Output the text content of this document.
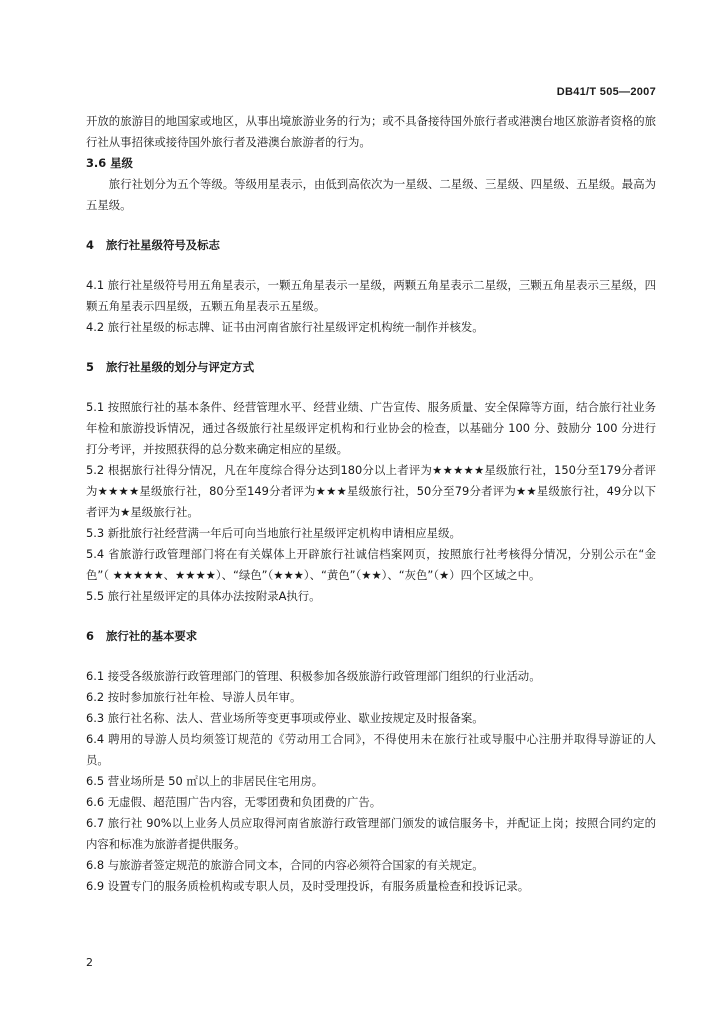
DB41/T 505—2007

开放的旅游目的地国家或地区，从事出境旅游业务的行为；或不具备接待国外旅行者或港澳台地区旅游者资格的旅行社从事招徕或接待国外旅行者及港澳台旅游者的行为。

3.6 星级

旅行社划分为五个等级。等级用星表示，由低到高依次为一星级、二星级、三星级、四星级、五星级。最高为五星级。

4 旅行社星级符号及标志

4.1 旅行社星级符号用五角星表示，一颗五角星表示一星级，两颗五角星表示二星级，三颗五角星表示三星级，四颗五角星表示四星级，五颗五角星表示五星级。

4.2 旅行社星级的标志牌、证书由河南省旅行社星级评定机构统一制作并核发。

5 旅行社星级的划分与评定方式

5.1 按照旅行社的基本条件、经营管理水平、经营业绩、广告宣传、服务质量、安全保障等方面，结合旅行社业务年检和旅游投诉情况，通过各级旅行社星级评定机构和行业协会的检查，以基础分 100 分、鼓励分 100 分进行打分考评，并按照获得的总分数来确定相应的星级。

5.2 根据旅行社得分情况，凡在年度综合得分达到180分以上者评为★★★★★星级旅行社，150分至179分者评为★★★★星级旅行社，80分至149分者评为★★★星级旅行社，50分至79分者评为★★星级旅行社，49分以下者评为★星级旅行社。

5.3 新批旅行社经营满一年后可向当地旅行社星级评定机构申请相应星级。

5.4 省旅游行政管理部门将在有关媒体上开辟旅行社诚信档案网页，按照旅行社考核得分情况，分别公示在“金色”（ ★★★★★、★★★★）、“绿色”（★★★）、“黄色”（★★）、“灰色”（★）四个区域之中。

5.5 旅行社星级评定的具体办法按附录A执行。

6 旅行社的基本要求

6.1 接受各级旅游行政管理部门的管理、积极参加各级旅游行政管理部门组织的行业活动。

6.2 按时参加旅行社年检、导游人员年审。

6.3 旅行社名称、法人、营业场所等变更事项或停业、歇业按规定及时报备案。

6.4 聘用的导游人员均须签订规范的《劳动用工合同》，不得使用未在旅行社或导服中心注册并取得导游证的人员。

6.5 营业场所是 50 ㎡以上的非居民住宅用房。

6.6 无虚假、超范围广告内容，无零团费和负团费的广告。

6.7 旅行社 90%以上业务人员应取得河南省旅游行政管理部门颁发的诚信服务卡，并配证上岗；按照合同约定的内容和标准为旅游者提供服务。

6.8 与旅游者签定规范的旅游合同文本，合同的内容必须符合国家的有关规定。

6.9 设置专门的服务质检机构或专职人员，及时受理投诉，有服务质量检查和投诉记录。

2
